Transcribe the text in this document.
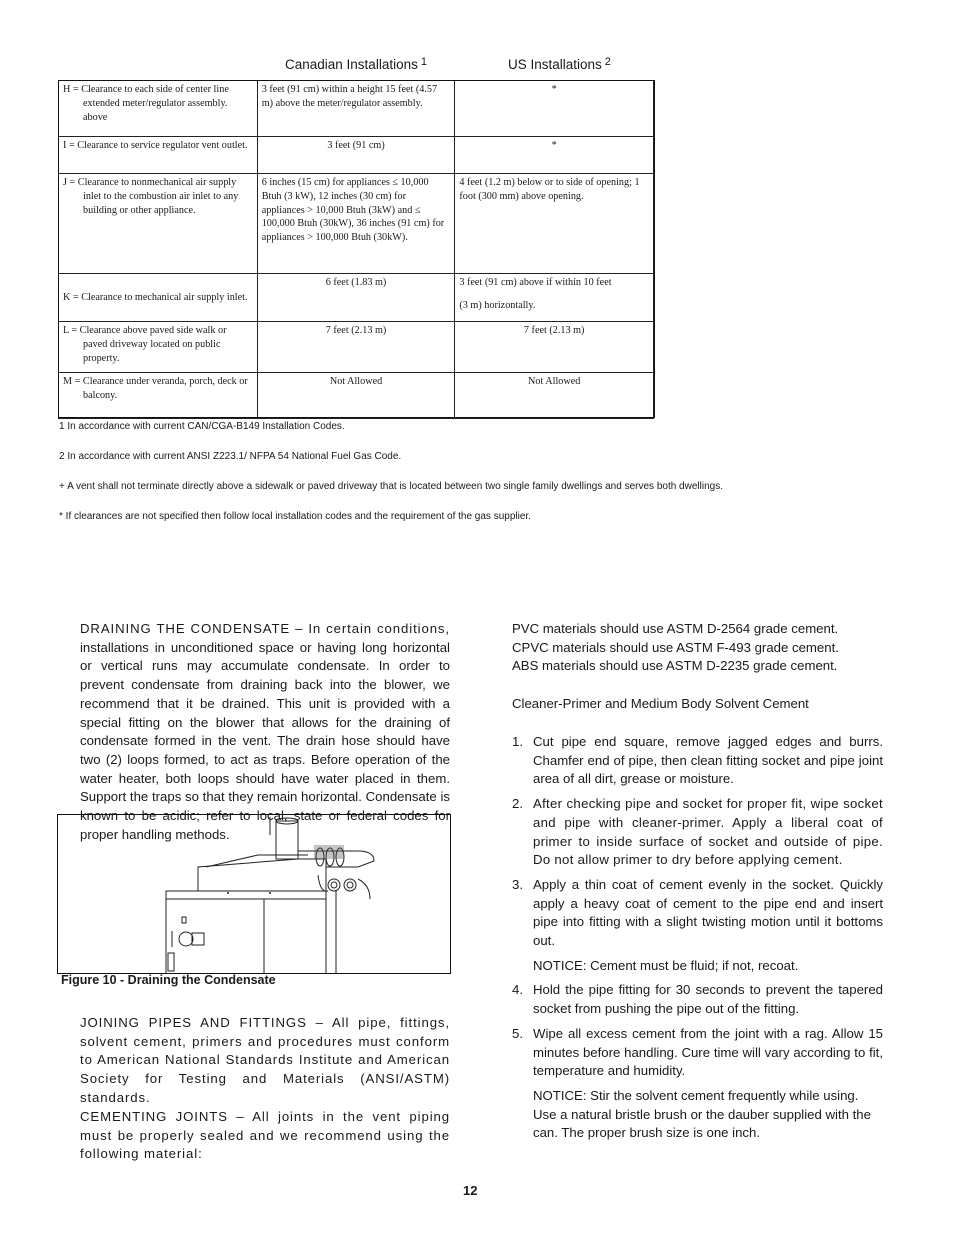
Canadian Installations $^1$	US Installations $^2$
H = Clearance to each side of center line extended meter/regulator assembly. above	3 feet (91 cm) within a height 15 feet (4.57 m) above the meter/regulator assembly.	*

I = Clearance to service regulator vent outlet.	3 feet (91 cm)	*

J = Clearance to nonmechanical air supply inlet to the combustion air inlet to any building or other appliance.	6 inches (15 cm) for appliances ≤ 10,000 Btuh (3 kW), 12 inches (30 cm) for appliances > 10,000 Btuh (3kW) and ≤ 100,000 Btuh (30kW), 36 inches (91 cm) for appliances > 100,000 Btuh (30kW).	4 feet (1.2 m) below or to side of opening; 1 foot (300 mm) above opening.

K = Clearance to mechanical air supply inlet.	6 feet (1.83 m)	3 feet (91 cm) above if within 10 feet
(3 m) horizontally.

L = Clearance above paved side walk or paved driveway located on public property.	7 feet (2.13 m)	7 feet (2.13 m)

M = Clearance under veranda, porch, deck or balcony.	Not Allowed	Not Allowed
1 In accordance with current CAN/CGA-B149 Installation Codes.
2 In accordance with current ANSI Z223.1/ NFPA 54 National Fuel Gas Code.
+ A vent shall not terminate directly above a sidewalk or paved driveway that is located between two single family dwellings and serves both dwellings.
* If clearances are not specified then follow local installation codes and the requirement of the gas supplier.
DRAINING THE CONDENSATE – In certain conditions,
installations in unconditioned space or having long horizontal or vertical runs may accumulate condensate. In order to prevent condensate from draining back into the blower, we recommend that it be drained. This unit is provided with a special fitting on the blower that allows for the draining of condensate formed in the vent. The drain hose should have two (2) loops formed, to act as traps. Before operation of the water heater, both loops should have water placed in them. Support the traps so that they remain horizontal. Condensate is known to be acidic; refer to local, state or federal codes for proper handling methods.
Figure 10 - Draining the Condensate
JOINING PIPES AND FITTINGS – All pipe, fittings, solvent cement, primers and procedures must conform to American National Standards Institute and American Society for Testing and Materials (ANSI/ASTM) standards.
CEMENTING JOINTS – All joints in the vent piping must be properly sealed and we recommend using the following material:
PVC materials should use ASTM D-2564 grade cement.
CPVC materials should use ASTM F-493 grade cement.
ABS materials should use ASTM D-2235 grade cement.
Cleaner-Primer and Medium Body Solvent Cement
1. Cut pipe end square, remove jagged edges and burrs. Chamfer end of pipe, then clean fitting socket and pipe joint area of all dirt, grease or moisture.
2. After checking pipe and socket for proper fit, wipe socket and pipe with cleaner-primer. Apply a liberal coat of primer to inside surface of socket and outside of pipe. Do not allow primer to dry before applying cement.
3. Apply a thin coat of cement evenly in the socket. Quickly apply a heavy coat of cement to the pipe end and insert pipe into fitting with a slight twisting motion until it bottoms out.
NOTICE: Cement must be fluid; if not, recoat.
4. Hold the pipe fitting for 30 seconds to prevent the tapered socket from pushing the pipe out of the fitting.
5. Wipe all excess cement from the joint with a rag. Allow 15 minutes before handling. Cure time will vary according to fit, temperature and humidity.
NOTICE: Stir the solvent cement frequently while using. Use a natural bristle brush or the dauber supplied with the can. The proper brush size is one inch.
12
